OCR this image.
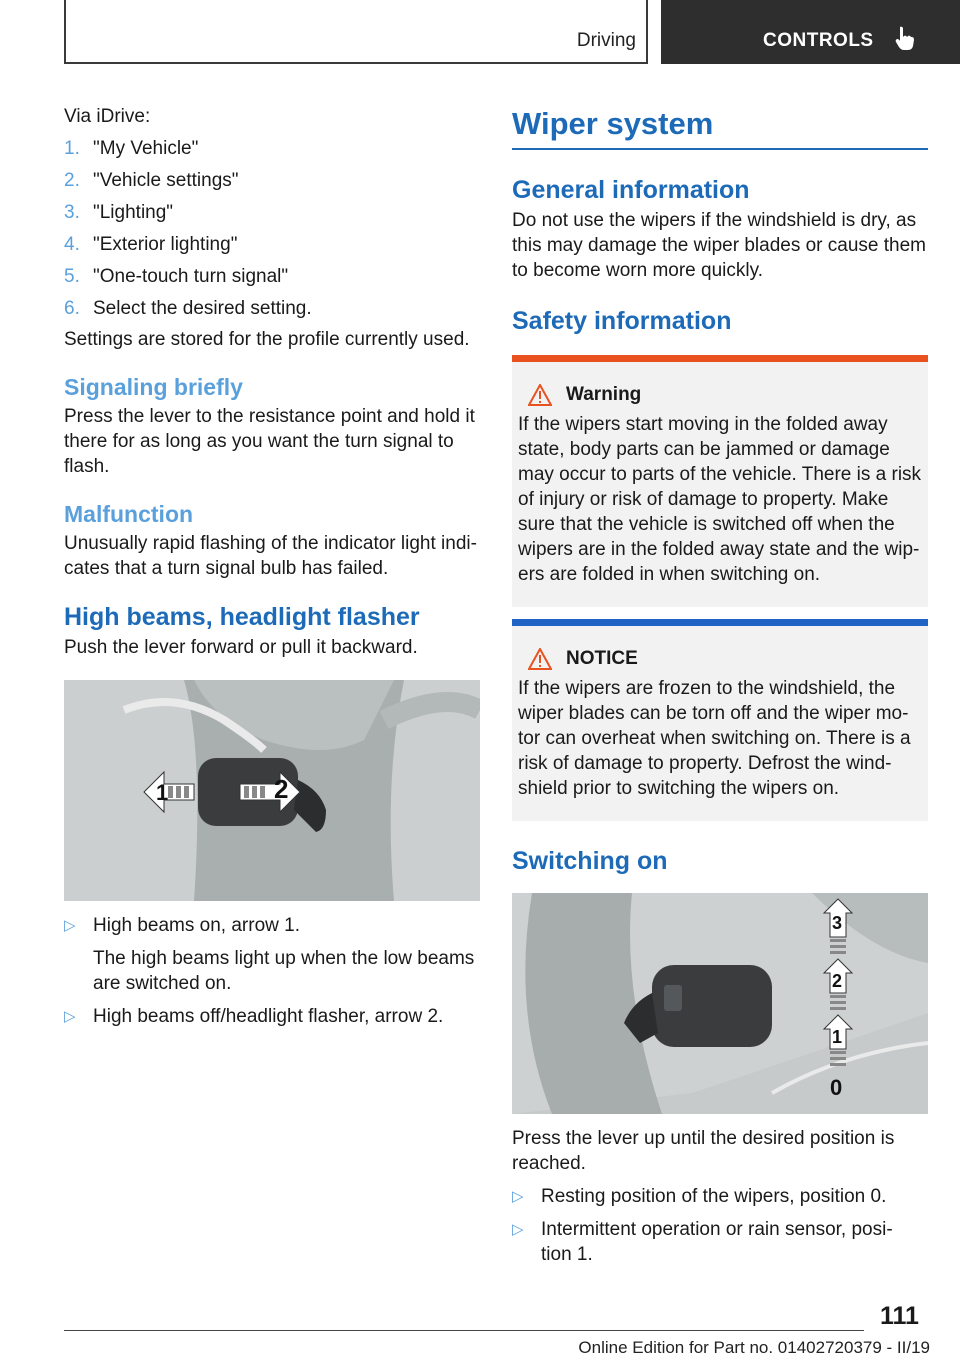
Driving	CONTROLS

Via iDrive:

1. "My Vehicle"
2. "Vehicle settings"
3. "Lighting"
4. "Exterior lighting"
5. "One-touch turn signal"
6. Select the desired setting.

Settings are stored for the profile currently used.

Signaling briefly

Press the lever to the resistance point and hold it there for as long as you want the turn signal to flash.

Malfunction

Unusually rapid flashing of the indicator light indi- cates that a turn signal bulb has failed.

High beams, headlight flasher

Push the lever forward or pull it backward.

1	2
▷ High beams on, arrow 1.
The high beams light up when the low beams are switched on.
▷ High beams off/headlight flasher, arrow 2.
Wiper system
General information

Do not use the wipers if the windshield is dry, as this may damage the wiper blades or cause them to become worn more quickly.

Safety information
Warning

If the wipers start moving in the folded away state, body parts can be jammed or damage may occur to parts of the vehicle. There is a risk of injury or risk of damage to property. Make sure that the vehicle is switched off when the wipers are in the folded away state and the wip- ers are folded in when switching on.

NOTICE

If the wipers are frozen to the windshield, the wiper blades can be torn off and the wiper mo- tor can overheat when switching on. There is a risk of damage to property. Defrost the wind- shield prior to switching the wipers on.

Switching on
3
2
1
0

Press the lever up until the desired position is reached.

▷ Resting position of the wipers, position 0.
▷ Intermittent operation or rain sensor, posi- tion 1.
111
Online Edition for Part no. 01402720379 - II/19
